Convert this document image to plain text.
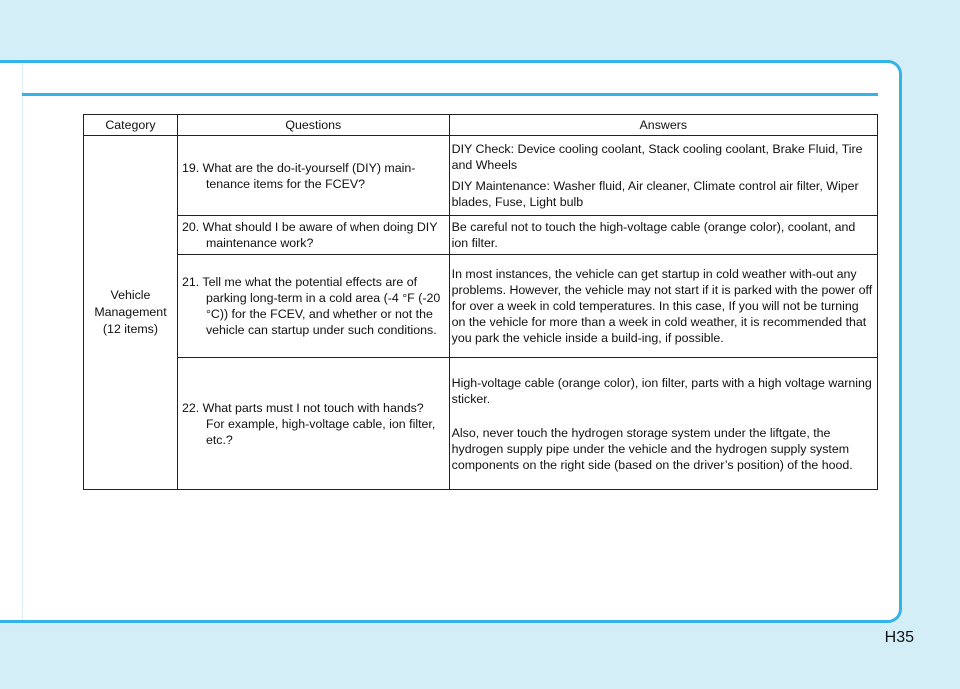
Category	Questions	Answers

Vehicle
Management
(12 items)	19. What are the do-it-yourself (DIY) main-tenance items for the FCEV?	DIY Check: Device cooling coolant, Stack cooling coolant, Brake Fluid, Tire and Wheels
DIY Maintenance: Washer fluid, Air cleaner, Climate control air filter, Wiper blades, Fuse, Light bulb

	20. What should I be aware of when doing DIY maintenance work?	Be careful not to touch the high-voltage cable (orange color), coolant, and ion filter.

	21. Tell me what the potential effects are of parking long-term in a cold area (-4 °F (-20 °C)) for the FCEV, and whether or not the vehicle can startup under such conditions.	In most instances, the vehicle can get startup in cold weather with-out any problems. However, the vehicle may not start if it is parked with the power off for over a week in cold temperatures. In this case, If you will not be turning on the vehicle for more than a week in cold weather, it is recommended that you park the vehicle inside a build-ing, if possible.

	22. What parts must I not touch with hands? For example, high-voltage cable, ion filter, etc.?	High-voltage cable (orange color), ion filter, parts with a high voltage warning sticker.
Also, never touch the hydrogen storage system under the liftgate, the hydrogen supply pipe under the vehicle and the hydrogen supply system components on the right side (based on the driver’s position) of the hood.
H35
